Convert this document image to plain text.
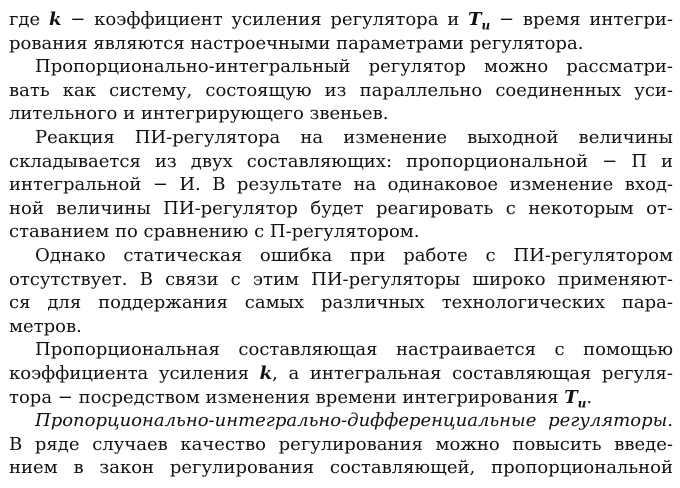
где k − коэффициент усиления регулятора и $T_и$ − время интегри-
рования являются настроечными параметрами регулятора.
Пропорционально-интегральный регулятор можно рассматри-
вать как систему, состоящую из параллельно соединенных уси-
лительного и интегрирующего звеньев.
Реакция ПИ-регулятора на изменение выходной величины
складывается из двух составляющих: пропорциональной − П и
интегральной − И. В результате на одинаковое изменение вход-
ной величины ПИ-регулятор будет реагировать с некоторым от-
ставанием по сравнению с П-регулятором.
Однако статическая ошибка при работе с ПИ-регулятором
отсутствует. В связи с этим ПИ-регуляторы широко применяют-
ся для поддержания самых различных технологических пара-
метров.
Пропорциональная составляющая настраивается с помощью
коэффициента усиления k, а интегральная составляющая регуля-
тора − посредством изменения времени интегрирования $T_и$.
Пропорционально-интегрально-дифференциальные регуляторы.
В ряде случаев качество регулирования можно повысить введе-
нием в закон регулирования составляющей, пропорциональной
